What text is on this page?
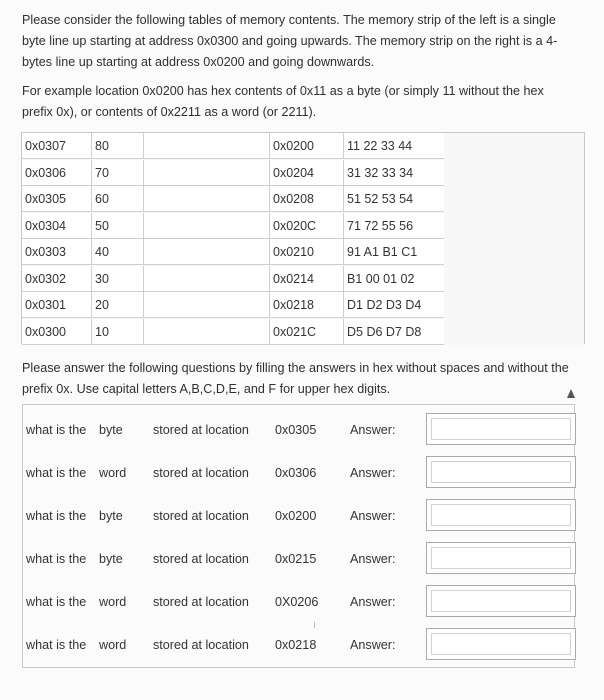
Please consider the following tables of memory contents. The memory strip of the left is a single
byte line up starting at address 0x0300 and going upwards. The memory strip on the right is a 4-
bytes line up starting at address 0x0200 and going downwards.

For example location 0x0200 has hex contents of 0x11 as a byte (or simply 11 without the hex
prefix 0x), or contents of 0x2211 as a word (or 2211).

0x0307	80	0x0200	11 22 33 44
0x0306	70	0x0204	31 32 33 34
0x0305	60	0x0208	51 52 53 54
0x0304	50	0x020C	71 72 55 56
0x0303	40	0x0210	91 A1 B1 C1
0x0302	30	0x0214	B1 00 01 02
0x0301	20	0x0218	D1 D2 D3 D4
0x0300	10	0x021C	D5 D6 D7 D8

Please answer the following questions by filling the answers in hex without spaces and without the
prefix 0x. Use capital letters A,B,C,D,E, and F for upper hex digits.

what is the byte stored at location 0x0305	Answer:
what is the word stored at location 0x0306	Answer:
what is the byte stored at location 0x0200	Answer:
what is the byte stored at location 0x0215	Answer:
what is the word stored at location 0X0206	Answer:
what is the word stored at location 0x0218	Answer:
